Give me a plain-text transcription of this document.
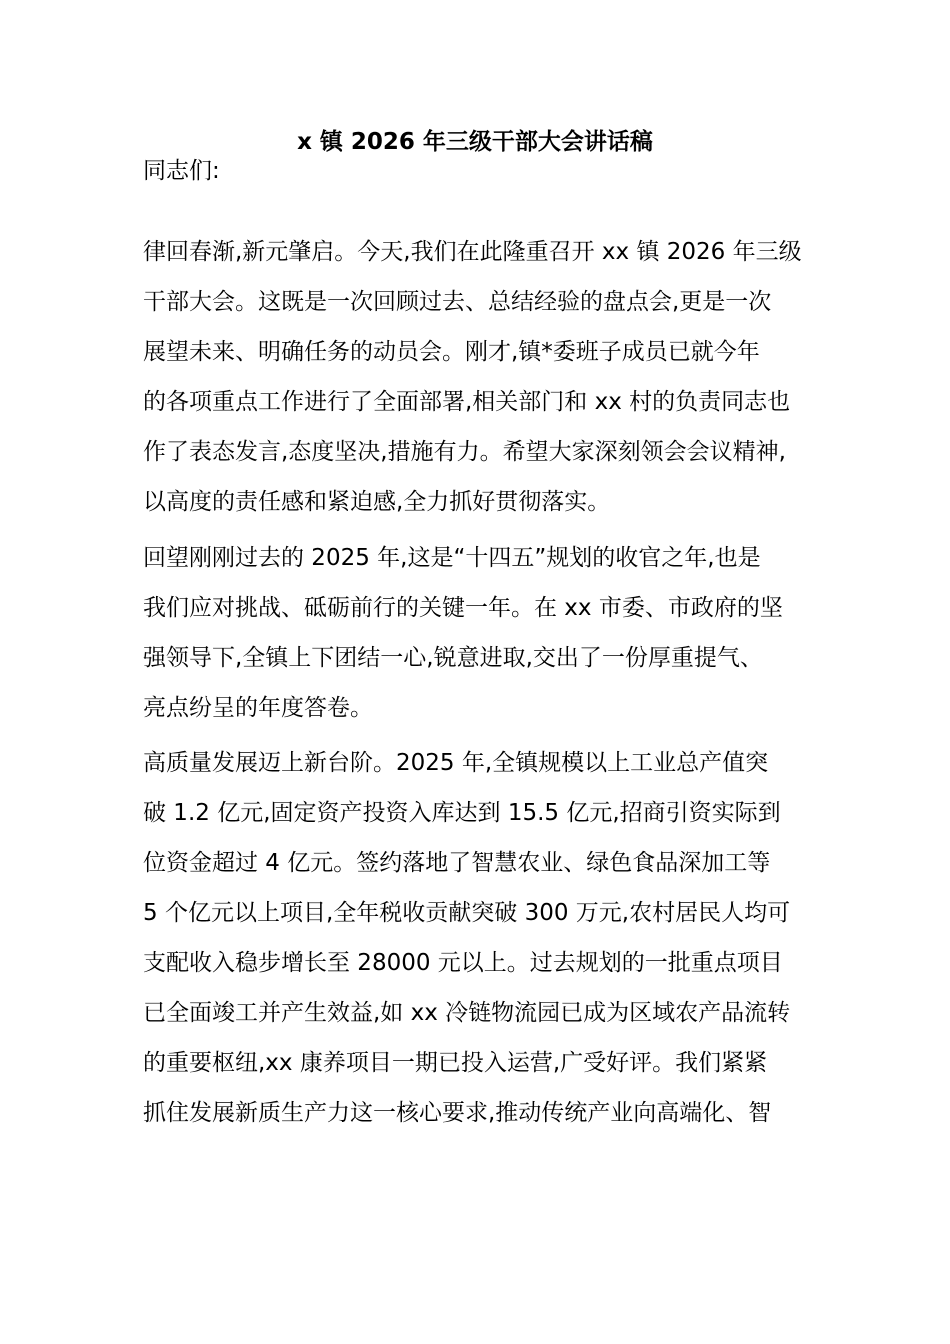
x 镇 2026 年三级干部大会讲话稿
同志们:
律回春渐,新元肇启。今天,我们在此隆重召开 xx 镇 2026 年三级
干部大会。这既是一次回顾过去、总结经验的盘点会,更是一次
展望未来、明确任务的动员会。刚才,镇*委班子成员已就今年
的各项重点工作进行了全面部署,相关部门和 xx 村的负责同志也
作了表态发言,态度坚决,措施有力。希望大家深刻领会会议精神,
以高度的责任感和紧迫感,全力抓好贯彻落实。
回望刚刚过去的 2025 年,这是“十四五”规划的收官之年,也是
我们应对挑战、砥砺前行的关键一年。在 xx 市委、市政府的坚
强领导下,全镇上下团结一心,锐意进取,交出了一份厚重提气、
亮点纷呈的年度答卷。
高质量发展迈上新台阶。2025 年,全镇规模以上工业总产值突
破 1.2 亿元,固定资产投资入库达到 15.5 亿元,招商引资实际到
位资金超过 4 亿元。签约落地了智慧农业、绿色食品深加工等
5 个亿元以上项目,全年税收贡献突破 300 万元,农村居民人均可
支配收入稳步增长至 28000 元以上。过去规划的一批重点项目
已全面竣工并产生效益,如 xx 冷链物流园已成为区域农产品流转
的重要枢纽,xx 康养项目一期已投入运营,广受好评。我们紧紧
抓住发展新质生产力这一核心要求,推动传统产业向高端化、智
